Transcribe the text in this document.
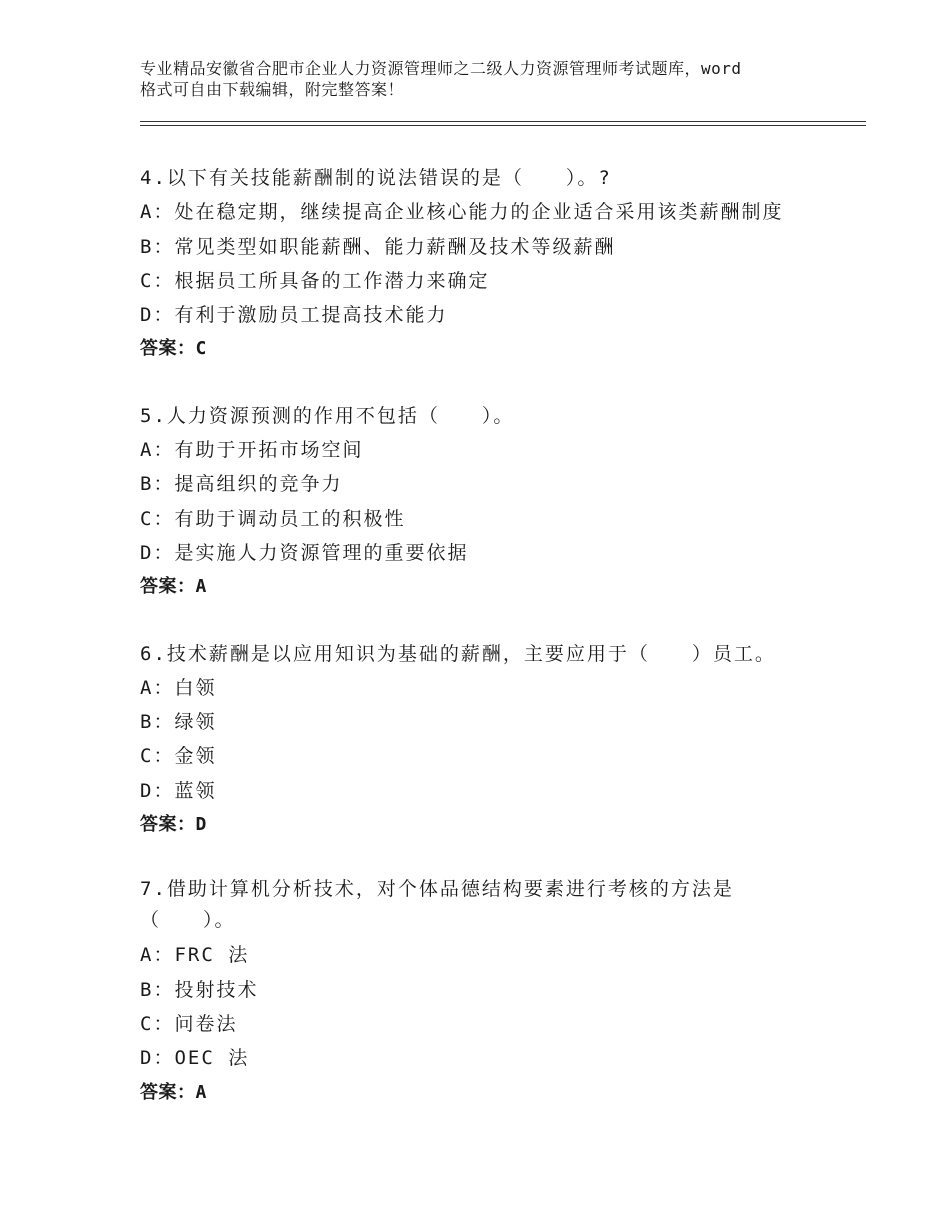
专业精品安徽省合肥市企业人力资源管理师之二级人力资源管理师考试题库，word
格式可自由下载编辑，附完整答案！
4.以下有关技能薪酬制的说法错误的是（　　）。?
A：处在稳定期，继续提高企业核心能力的企业适合采用该类薪酬制度
B：常见类型如职能薪酬、能力薪酬及技术等级薪酬
C：根据员工所具备的工作潜力来确定
D：有利于激励员工提高技术能力
答案：C
5.人力资源预测的作用不包括（　　）。
A：有助于开拓市场空间
B：提高组织的竞争力
C：有助于调动员工的积极性
D：是实施人力资源管理的重要依据
答案：A
6.技术薪酬是以应用知识为基础的薪酬，主要应用于（　　）员工。
A：白领
B：绿领
C：金领
D：蓝领
答案：D
7.借助计算机分析技术，对个体品德结构要素进行考核的方法是（　　）。
A：FRC 法
B：投射技术
C：问卷法
D：OEC 法
答案：A
